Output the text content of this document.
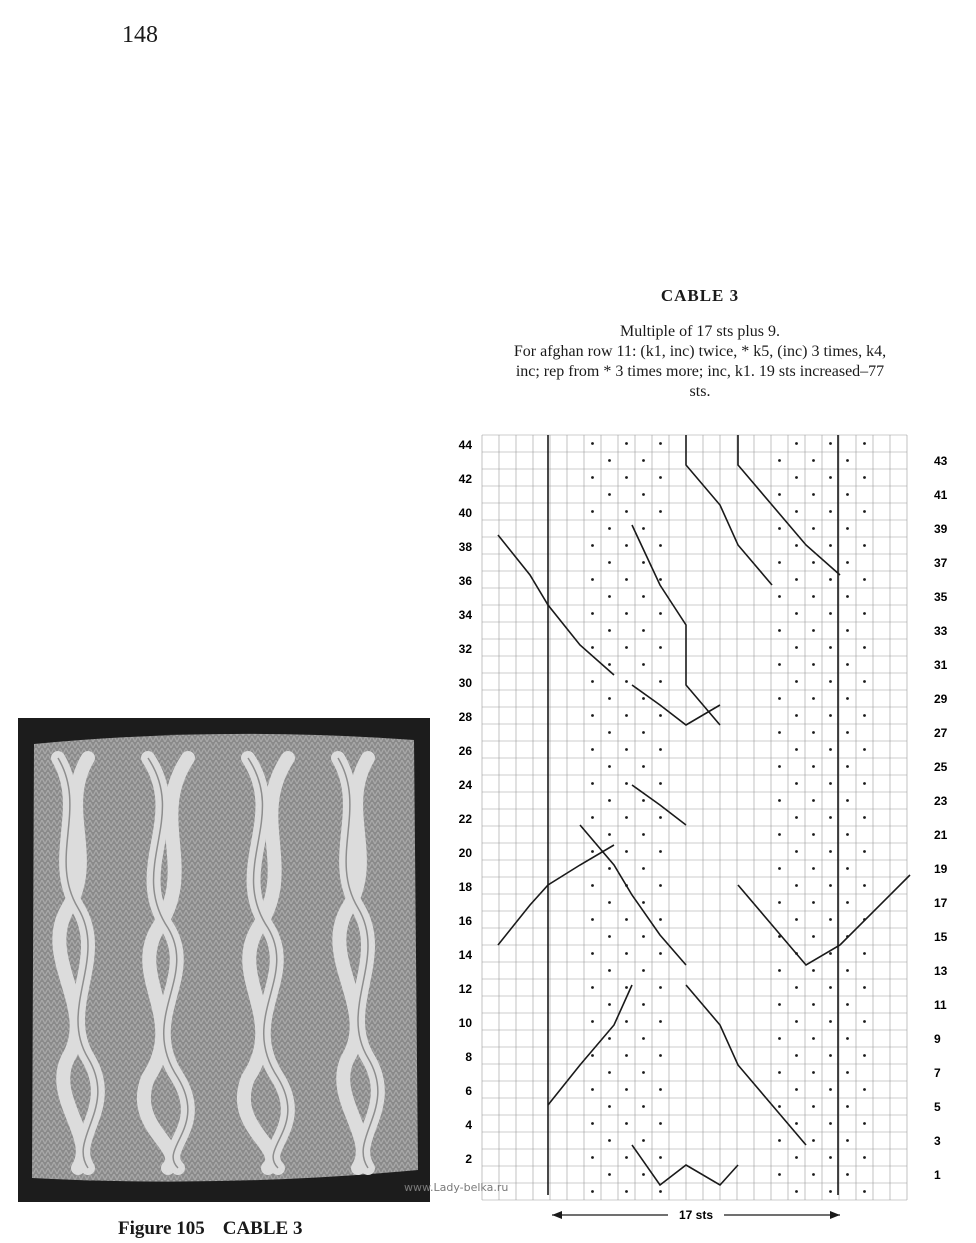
148
CABLE 3
Multiple of 17 sts plus 9.
For afghan row 11: (k1, inc) twice, * k5, (inc) 3 times, k4,
inc; rep from * 3 times more; inc, k1. 19 sts increased–77
sts.
44
42
40
38
36
34
32
30
28
26
24
22
20
18
16
14
12
10
8
6
4
2
43
41
39
37
35
33
31
29
27
25
23
21
19
17
15
13
11
9
7
5
3
1
17 sts
www.Lady-belka.ru
Figure 105 CABLE 3
